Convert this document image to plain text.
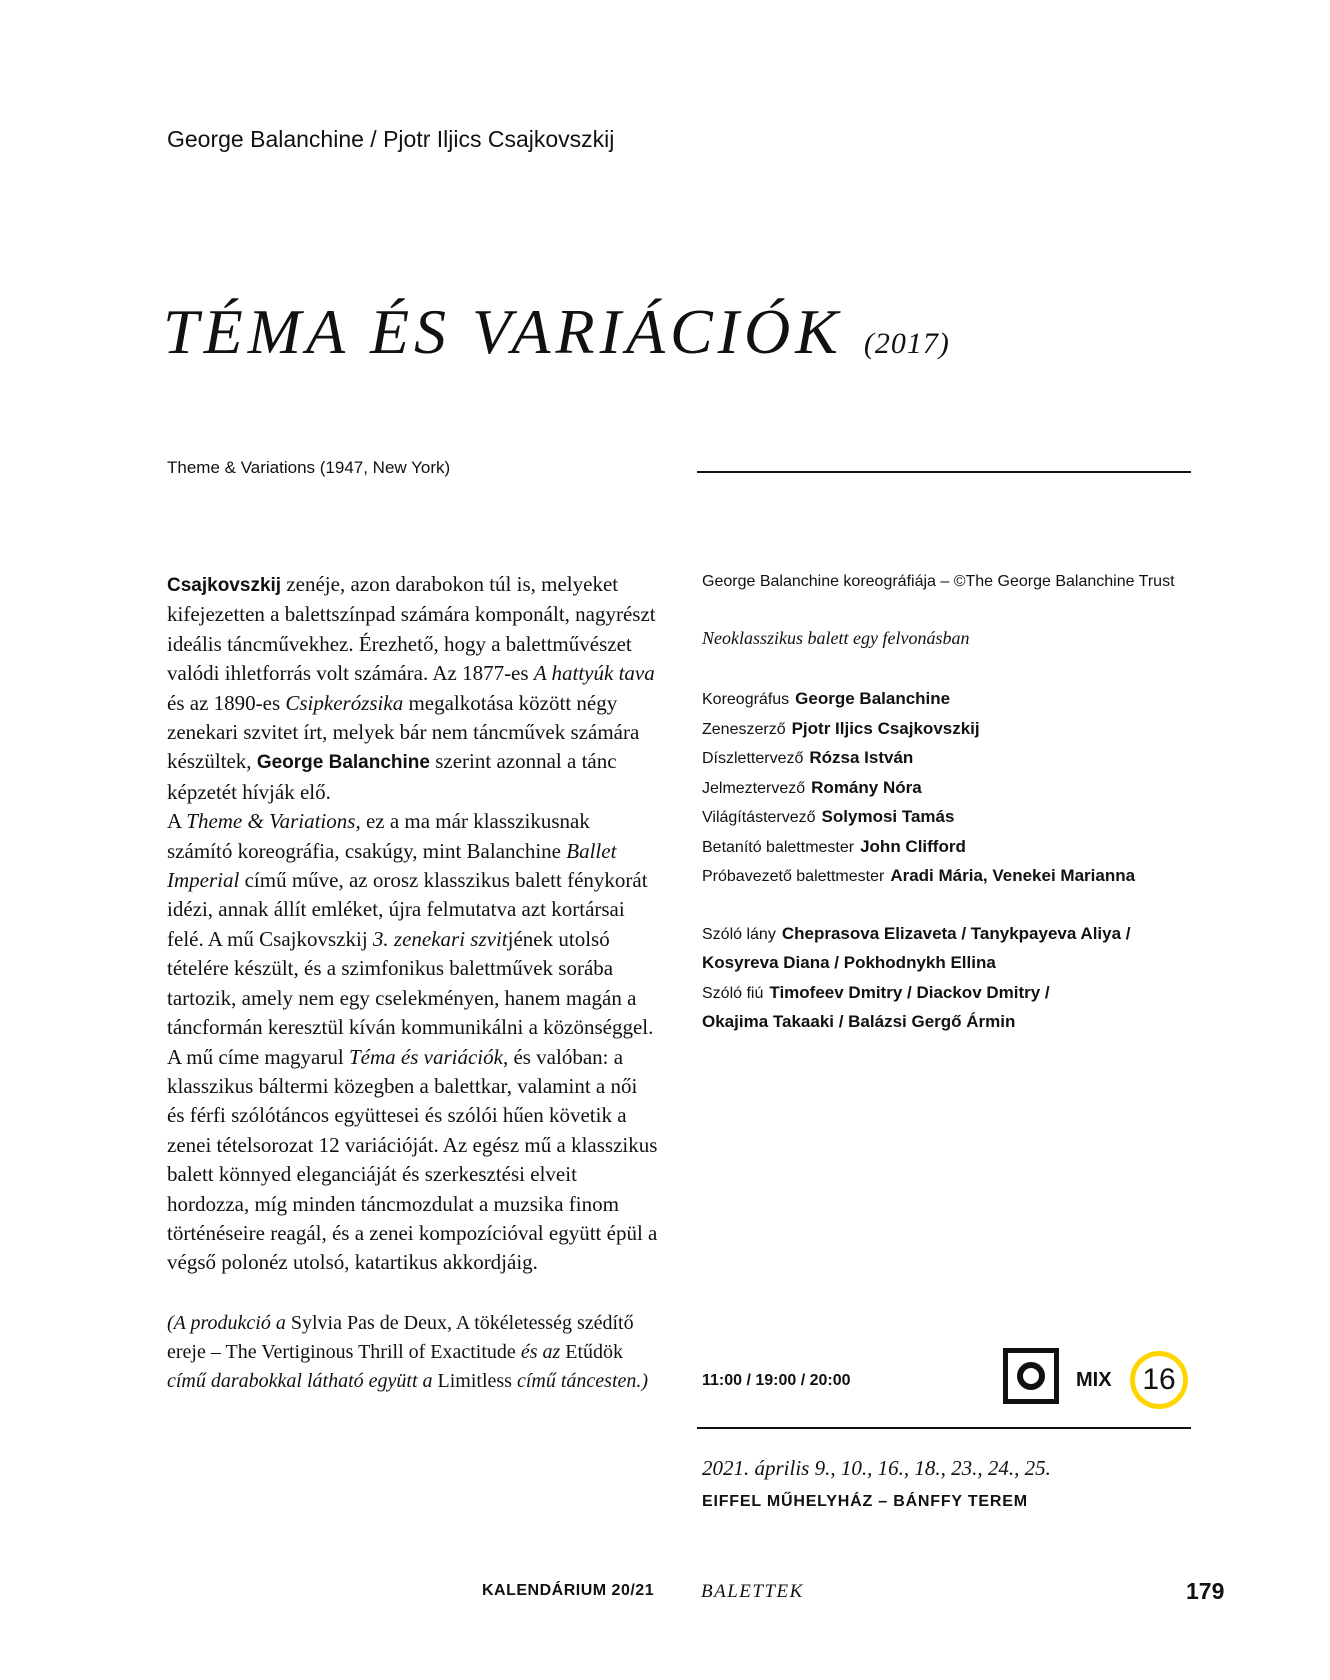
George Balanchine / Pjotr Iljics Csajkovszkij
TÉMA ÉS VARIÁCIÓK (2017)
Theme & Variations (1947, New York)

Csajkovszkij zenéje, azon darabokon túl is, melyeket kifejezetten a balettszínpad számára komponált, nagyrészt ideális táncművekhez. Érezhető, hogy a balettművészet valódi ihletforrás volt számára. Az 1877-es A hattyúk tava és az 1890-es Csipkerózsika megalkotása között négy zenekari szvitet írt, melyek bár nem táncművek számára készültek, George Balanchine szerint azonnal a tánc képzetét hívják elő.

A Theme & Variations, ez a ma már klasszikusnak számító koreográfia, csakúgy, mint Balanchine Ballet Imperial című műve, az orosz klasszikus balett fénykorát idézi, annak állít emléket, újra felmutatva azt kortársai felé. A mű Csajkovszkij 3. zenekari szvitjének utolsó tételére készült, és a szimfonikus balettművek sorába tartozik, amely nem egy cselekményen, hanem magán a táncformán keresztül kíván kommunikálni a közönséggel. A mű címe magyarul Téma és variációk, és valóban: a klasszikus báltermi közegben a balettkar, valamint a női és férfi szólótáncos együttesei és szólói hűen követik a zenei tételsorozat 12 variációját. Az egész mű a klasszikus balett könnyed eleganciáját és szerkesztési elveit hordozza, míg minden táncmozdulat a muzsika finom történéseire reagál, és a zenei kompozícióval együtt épül a végső polonéz utolsó, katartikus akkordjáig.

(A produkció a Sylvia Pas de Deux, A tökéletesség szédítő ereje – The Vertiginous Thrill of Exactitude és az Etűdök című darabokkal látható együtt a Limitless című táncesten.)
George Balanchine koreográfiája – ©The George Balanchine Trust
Neoklasszikus balett egy felvonásban
Koreográfus George Balanchine
Zeneszerző Pjotr Iljics Csajkovszkij
Díszlettervező Rózsa István
Jelmeztervező Romány Nóra
Világítástervező Solymosi Tamás
Betanító balettmester John Clifford
Próbavezető balettmester Aradi Mária, Venekei Marianna
Szóló lány Cheprasova Elizaveta / Tanykpayeva Aliya /
Kosyreva Diana / Pokhodnykh Ellina
Szóló fiú Timofeev Dmitry / Diackov Dmitry /
Okajima Takaaki / Balázsi Gergő Ármin
11:00 / 19:00 / 20:00	MIX	16
2021. április 9., 10., 16., 18., 23., 24., 25.
EIFFEL MŰHELYHÁZ – BÁNFFY TEREM
KALENDÁRIUM 20/21 BALETTEK	179
